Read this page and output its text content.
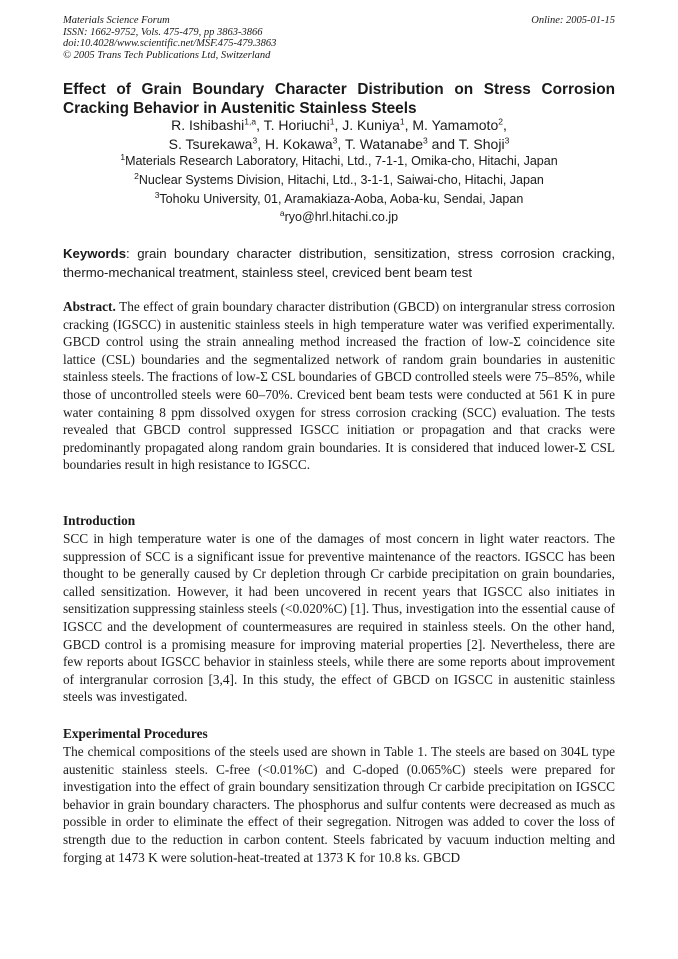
Materials Science Forum
ISSN: 1662-9752, Vols. 475-479, pp 3863-3866
doi:10.4028/www.scientific.net/MSF.475-479.3863
© 2005 Trans Tech Publications Ltd, Switzerland
Online: 2005-01-15
Effect of Grain Boundary Character Distribution on Stress Corrosion Cracking Behavior in Austenitic Stainless Steels
R. Ishibashi$^{1,a}$, T. Horiuchi$^1$, J. Kuniya$^1$, M. Yamamoto$^2$,
S. Tsurekawa$^3$, H. Kokawa$^3$, T. Watanabe$^3$ and T. Shoji$^3$
$^1$Materials Research Laboratory, Hitachi, Ltd., 7-1-1, Omika-cho, Hitachi, Japan
$^2$Nuclear Systems Division, Hitachi, Ltd., 3-1-1, Saiwai-cho, Hitachi, Japan
$^3$Tohoku University, 01, Aramakiaza-Aoba, Aoba-ku, Sendai, Japan
$^a$ryo@hrl.hitachi.co.jp
Keywords: grain boundary character distribution, sensitization, stress corrosion cracking, thermo-mechanical treatment, stainless steel, creviced bent beam test
Abstract. The effect of grain boundary character distribution (GBCD) on intergranular stress corrosion cracking (IGSCC) in austenitic stainless steels in high temperature water was verified experimentally. GBCD control using the strain annealing method increased the fraction of low-Σ coincidence site lattice (CSL) boundaries and the segmentalized network of random grain boundaries in austenitic stainless steels. The fractions of low-Σ CSL boundaries of GBCD controlled steels were 75–85%, while those of uncontrolled steels were 60–70%. Creviced bent beam tests were conducted at 561 K in pure water containing 8 ppm dissolved oxygen for stress corrosion cracking (SCC) evaluation. The tests revealed that GBCD control suppressed IGSCC initiation or propagation and that cracks were predominantly propagated along random grain boundaries. It is considered that induced lower-Σ CSL boundaries result in high resistance to IGSCC.
Introduction
SCC in high temperature water is one of the damages of most concern in light water reactors. The suppression of SCC is a significant issue for preventive maintenance of the reactors. IGSCC has been thought to be generally caused by Cr depletion through Cr carbide precipitation on grain boundaries, called sensitization. However, it had been uncovered in recent years that IGSCC also initiates in sensitization suppressing stainless steels (<0.020%C) [1]. Thus, investigation into the essential cause of IGSCC and the development of countermeasures are required in stainless steels. On the other hand, GBCD control is a promising measure for improving material properties [2]. Nevertheless, there are few reports about IGSCC behavior in stainless steels, while there are some reports about improvement of intergranular corrosion [3,4]. In this study, the effect of GBCD on IGSCC in austenitic stainless steels was investigated.
Experimental Procedures
The chemical compositions of the steels used are shown in Table 1. The steels are based on 304L type austenitic stainless steels. C-free (<0.01%C) and C-doped (0.065%C) steels were prepared for investigation into the effect of grain boundary sensitization through Cr carbide precipitation on IGSCC behavior in grain boundary characters. The phosphorus and sulfur contents were decreased as much as possible in order to eliminate the effect of their segregation. Nitrogen was added to cover the loss of strength due to the reduction in carbon content. Steels fabricated by vacuum induction melting and forging at 1473 K were solution-heat-treated at 1373 K for 10.8 ks. GBCD
